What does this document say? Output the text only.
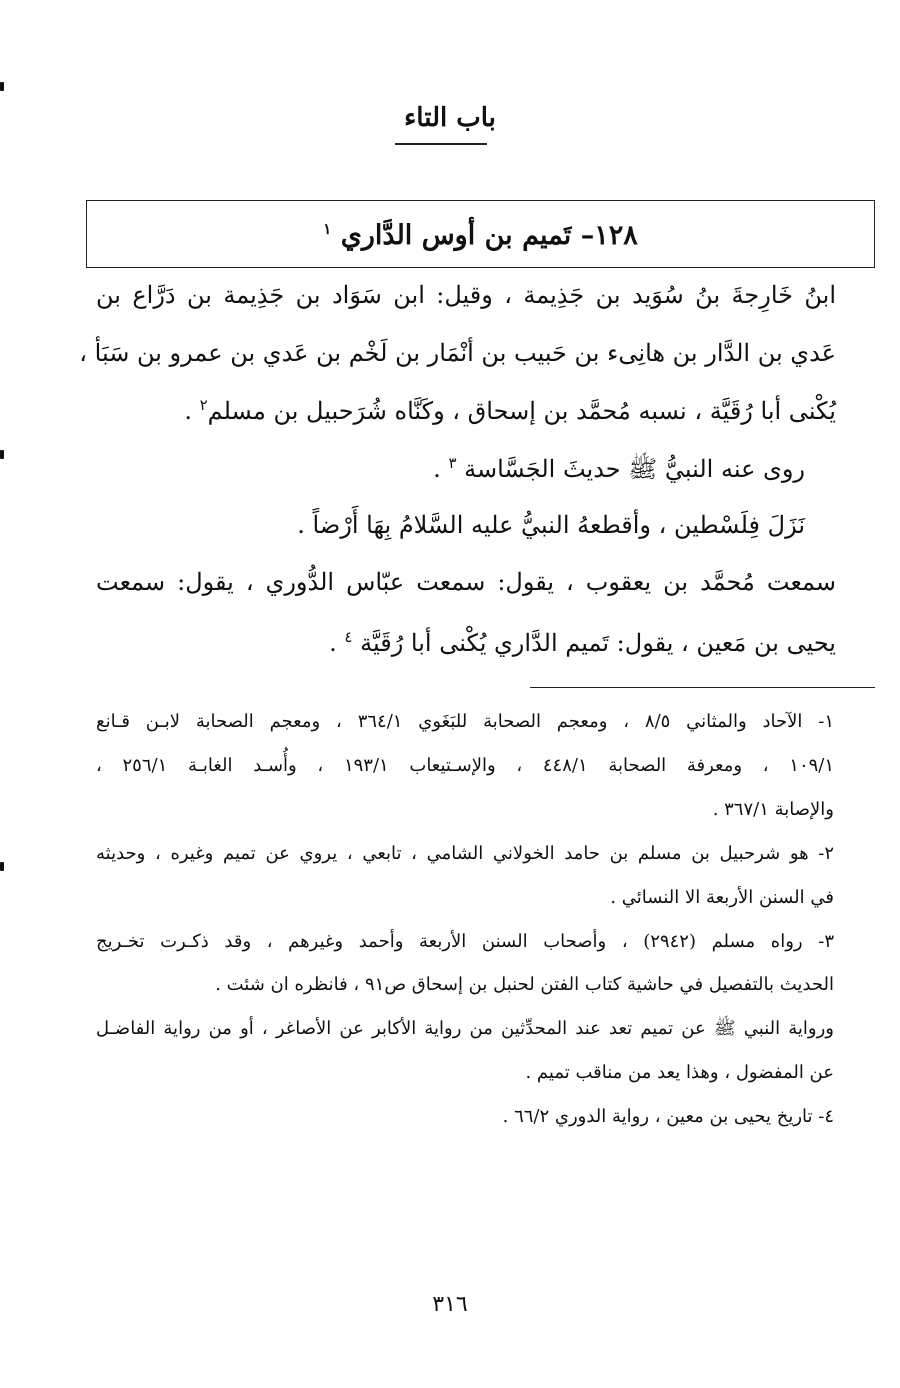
باب التاء
١٢٨– تَميم بن أوس الدَّاري $^١$
ابنُ خَارِجةَ بنُ سُوَيد بن جَذِيمة ، وقيل: ابن سَوَاد بن جَذِيمة بن دَرَّاع بن
عَدي بن الدَّار بن هانِىء بن حَبيب بن أنْمَار بن لَخْم بن عَدي بن عمرو بن سَبَأ ،
يُكْنى أبا رُقَيَّة ، نسبه مُحمَّد بن إسحاق ، وكَنَّاه شُرَحبيل بن مسلم$^٢$ .
روى عنه النبيُّ ﷺ حديثَ الجَسَّاسة $^٣$ .
نَزَلَ فِلَسْطين ، وأقطعهُ النبيُّ عليه السَّلامُ بِهَا أَرْضاً .
سمعت مُحمَّد بن يعقوب ، يقول: سمعت عبّاس الدُّوري ، يقول: سمعت
يحيى بن مَعين ، يقول: تَميم الدَّاري يُكْنى أبا رُقَيَّة $^٤$ .
١- الآحاد والمثاني ٨/٥ ، ومعجم الصحابة للبَغَوي ٣٦٤/١ ، ومعجم الصحابة لابـن قـانع
١٠٩/١ ، ومعرفة الصحابة ٤٤٨/١ ، والإسـتيعاب ١٩٣/١ ، وأُسـد الغابـة ٢٥٦/١ ،
والإصابة ٣٦٧/١ .
٢- هو شرحبيل بن مسلم بن حامد الخولاني الشامي ، تابعي ، يروي عن تميم وغيره ، وحديثه
في السنن الأربعة الا النسائي .
٣- رواه مسلم (٢٩٤٢) ، وأصحاب السنن الأربعة وأحمد وغيرهم ، وقد ذكـرت تخـريج
الحديث بالتفصيل في حاشية كتاب الفتن لحنبل بن إسحاق ص٩١ ، فانظره ان شئت .
ورواية النبي ﷺ عن تميم تعد عند المحدِّثين من رواية الأكابر عن الأصاغر ، أو من رواية الفاضـل
عن المفضول ، وهذا يعد من مناقب تميم .
٤- تاريخ يحيى بن معين ، رواية الدوري ٦٦/٢ .
٣١٦
